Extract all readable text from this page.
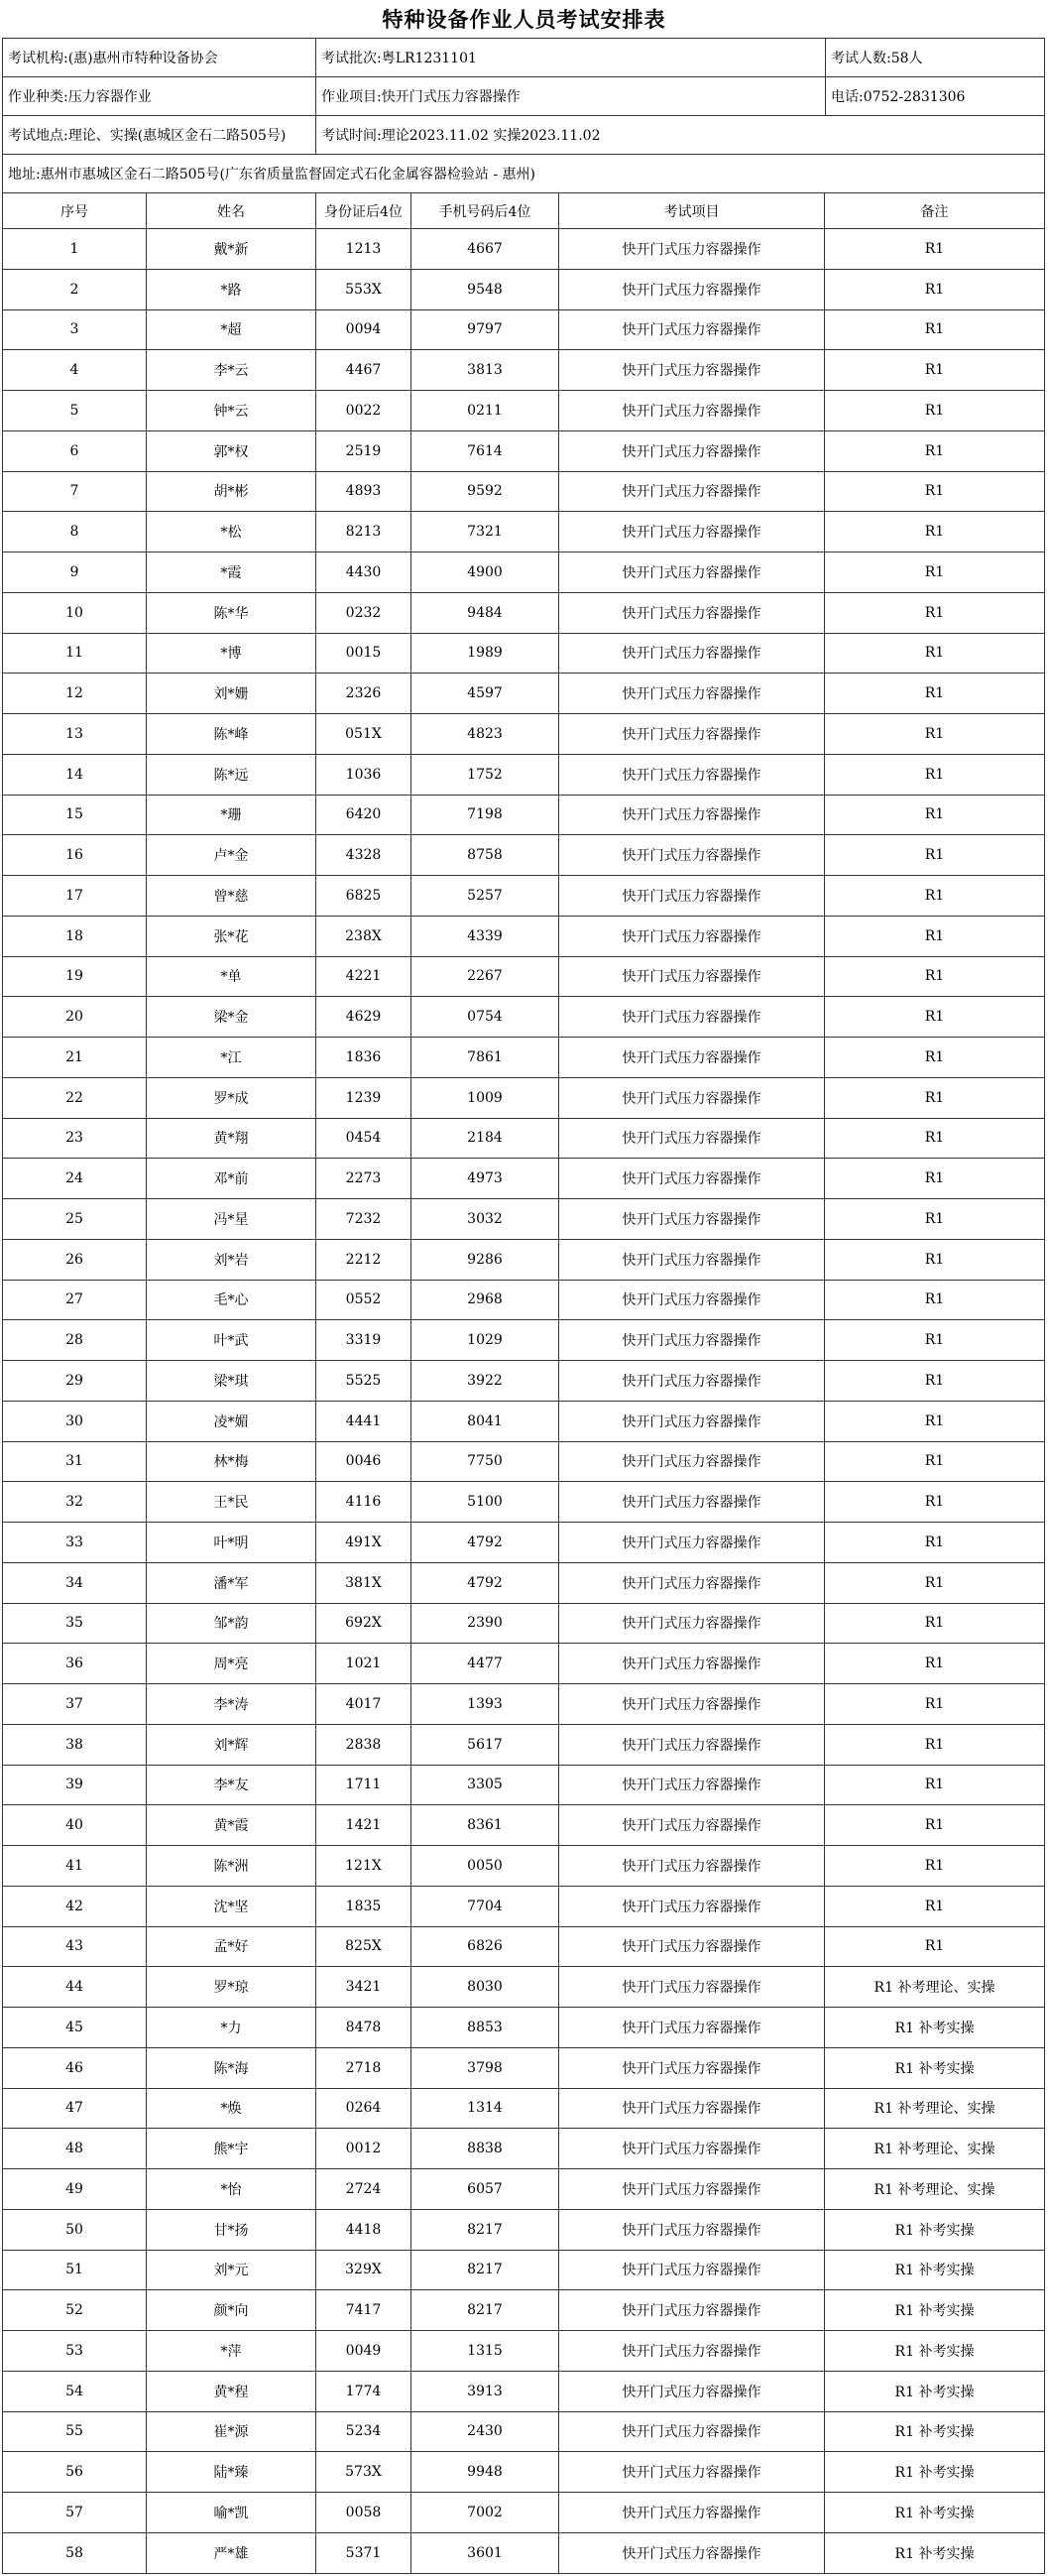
特种设备作业人员考试安排表
考试机构:(惠)惠州市特种设备协会	考试批次:粤LR1231101	考试人数:58人
作业种类:压力容器作业	作业项目:快开门式压力容器操作	电话:0752-2831306
考试地点:理论、实操(惠城区金石二路505号)	考试时间:理论2023.11.02 实操2023.11.02	
地址:惠州市惠城区金石二路505号(广东省质量监督固定式石化金属容器检验站 - 惠州)		
序号	姓名	身份证后4位	手机号码后4位	考试项目	备注
1	戴*新	1213	4667	快开门式压力容器操作	R1
2	*路	553X	9548	快开门式压力容器操作	R1
3	*超	0094	9797	快开门式压力容器操作	R1
4	李*云	4467	3813	快开门式压力容器操作	R1
5	钟*云	0022	0211	快开门式压力容器操作	R1
6	郭*权	2519	7614	快开门式压力容器操作	R1
7	胡*彬	4893	9592	快开门式压力容器操作	R1
8	*松	8213	7321	快开门式压力容器操作	R1
9	*霞	4430	4900	快开门式压力容器操作	R1
10	陈*华	0232	9484	快开门式压力容器操作	R1
11	*博	0015	1989	快开门式压力容器操作	R1
12	刘*姗	2326	4597	快开门式压力容器操作	R1
13	陈*峰	051X	4823	快开门式压力容器操作	R1
14	陈*远	1036	1752	快开门式压力容器操作	R1
15	*珊	6420	7198	快开门式压力容器操作	R1
16	卢*金	4328	8758	快开门式压力容器操作	R1
17	曾*慈	6825	5257	快开门式压力容器操作	R1
18	张*花	238X	4339	快开门式压力容器操作	R1
19	*单	4221	2267	快开门式压力容器操作	R1
20	梁*金	4629	0754	快开门式压力容器操作	R1
21	*江	1836	7861	快开门式压力容器操作	R1
22	罗*成	1239	1009	快开门式压力容器操作	R1
23	黄*翔	0454	2184	快开门式压力容器操作	R1
24	邓*前	2273	4973	快开门式压力容器操作	R1
25	冯*星	7232	3032	快开门式压力容器操作	R1
26	刘*岩	2212	9286	快开门式压力容器操作	R1
27	毛*心	0552	2968	快开门式压力容器操作	R1
28	叶*武	3319	1029	快开门式压力容器操作	R1
29	梁*琪	5525	3922	快开门式压力容器操作	R1
30	凌*媚	4441	8041	快开门式压力容器操作	R1
31	林*梅	0046	7750	快开门式压力容器操作	R1
32	王*民	4116	5100	快开门式压力容器操作	R1
33	叶*明	491X	4792	快开门式压力容器操作	R1
34	潘*军	381X	4792	快开门式压力容器操作	R1
35	邹*韵	692X	2390	快开门式压力容器操作	R1
36	周*亮	1021	4477	快开门式压力容器操作	R1
37	李*涛	4017	1393	快开门式压力容器操作	R1
38	刘*辉	2838	5617	快开门式压力容器操作	R1
39	李*友	1711	3305	快开门式压力容器操作	R1
40	黄*霞	1421	8361	快开门式压力容器操作	R1
41	陈*洲	121X	0050	快开门式压力容器操作	R1
42	沈*坚	1835	7704	快开门式压力容器操作	R1
43	孟*好	825X	6826	快开门式压力容器操作	R1
44	罗*琼	3421	8030	快开门式压力容器操作	R1 补考理论、实操
45	*力	8478	8853	快开门式压力容器操作	R1 补考实操
46	陈*海	2718	3798	快开门式压力容器操作	R1 补考实操
47	*焕	0264	1314	快开门式压力容器操作	R1 补考理论、实操
48	熊*宇	0012	8838	快开门式压力容器操作	R1 补考理论、实操
49	*怡	2724	6057	快开门式压力容器操作	R1 补考理论、实操
50	甘*扬	4418	8217	快开门式压力容器操作	R1 补考实操
51	刘*元	329X	8217	快开门式压力容器操作	R1 补考实操
52	颜*向	7417	8217	快开门式压力容器操作	R1 补考实操
53	*萍	0049	1315	快开门式压力容器操作	R1 补考实操
54	黄*程	1774	3913	快开门式压力容器操作	R1 补考实操
55	崔*源	5234	2430	快开门式压力容器操作	R1 补考实操
56	陆*臻	573X	9948	快开门式压力容器操作	R1 补考实操
57	喻*凯	0058	7002	快开门式压力容器操作	R1 补考实操
58	严*雄	5371	3601	快开门式压力容器操作	R1 补考实操
